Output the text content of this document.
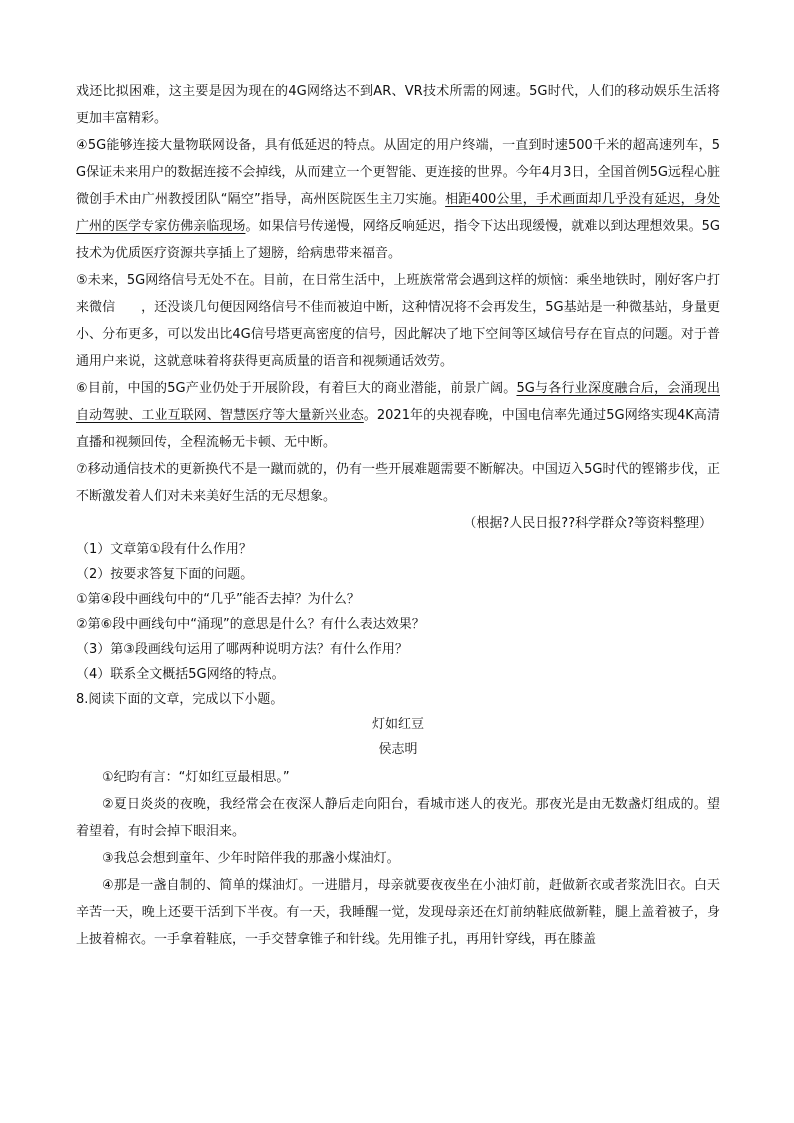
戏还比拟困难，这主要是因为现在的4G网络达不到AR、VR技术所需的网速。5G时代，人们的移动娱乐生活将更加丰富精彩。

④5G能够连接大量物联网设备，具有低延迟的特点。从固定的用户终端，一直到时速500千米的超高速列车，5G保证未来用户的数据连接不会掉线，从而建立一个更智能、更连接的世界。今年4月3日，全国首例5G远程心脏微创手术由广州教授团队“隔空”指导，高州医院医生主刀实施。相距400公里，手术画面却几乎没有延迟，身处广州的医学专家仿佛亲临现场。如果信号传递慢，网络反响延迟，指令下达出现缓慢，就难以到达理想效果。5G技术为优质医疗资源共享插上了翅膀，给病患带来福音。

⑤未来，5G网络信号无处不在。目前，在日常生活中，上班族常常会遇到这样的烦恼：乘坐地铁时，刚好客户打来微信　　，还没谈几句便因网络信号不佳而被迫中断，这种情况将不会再发生，5G基站是一种微基站，身量更小、分布更多，可以发出比4G信号塔更高密度的信号，因此解决了地下空间等区域信号存在盲点的问题。对于普通用户来说，这就意味着将获得更高质量的语音和视频通话效劳。

⑥目前，中国的5G产业仍处于开展阶段，有着巨大的商业潜能，前景广阔。5G与各行业深度融合后，会涌现出自动驾驶、工业互联网、智慧医疗等大量新兴业态。2021年的央视春晚，中国电信率先通过5G网络实现4K高清直播和视频回传，全程流畅无卡顿、无中断。

⑦移动通信技术的更新换代不是一蹴而就的，仍有一些开展难题需要不断解决。中国迈入5G时代的铿锵步伐，正不断激发着人们对未来美好生活的无尽想象。

（根据?人民日报??科学群众?等资料整理）

（1）文章第①段有什么作用？

（2）按要求答复下面的问题。

①第④段中画线句中的“几乎”能否去掉？为什么？

②第⑥段中画线句中“涌现”的意思是什么？有什么表达效果？

（3）第③段画线句运用了哪两种说明方法？有什么作用？

（4）联系全文概括5G网络的特点。

8.阅读下面的文章，完成以下小题。

灯如红豆

侯志明

①纪昀有言：“灯如红豆最相思。”

②夏日炎炎的夜晚，我经常会在夜深人静后走向阳台，看城市迷人的夜光。那夜光是由无数盏灯组成的。望着望着，有时会掉下眼泪来。

③我总会想到童年、少年时陪伴我的那盏小煤油灯。

④那是一盏自制的、简单的煤油灯。一进腊月，母亲就要夜夜坐在小油灯前，赶做新衣或者浆洗旧衣。白天辛苦一天，晚上还要干活到下半夜。有一天，我睡醒一觉，发现母亲还在灯前纳鞋底做新鞋，腿上盖着被子，身上披着棉衣。一手拿着鞋底，一手交替拿锥子和针线。先用锥子扎，再用针穿线，再在膝盖
